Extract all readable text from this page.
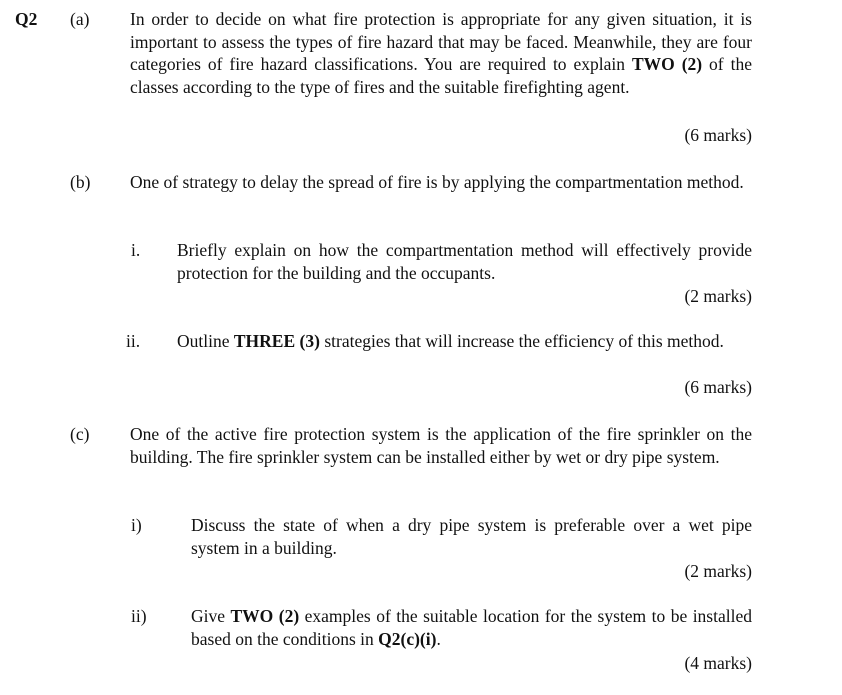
Q2 (a) In order to decide on what fire protection is appropriate for any given situation, it is important to assess the types of fire hazard that may be faced. Meanwhile, they are four categories of fire hazard classifications. You are required to explain TWO (2) of the classes according to the type of fires and the suitable firefighting agent.
(6 marks)
(b) One of strategy to delay the spread of fire is by applying the compartmentation method.
i. Briefly explain on how the compartmentation method will effectively provide protection for the building and the occupants.
(2 marks)
ii. Outline THREE (3) strategies that will increase the efficiency of this method.
(6 marks)
(c) One of the active fire protection system is the application of the fire sprinkler on the building. The fire sprinkler system can be installed either by wet or dry pipe system.
i)	Discuss the state of when a dry pipe system is preferable over a wet pipe system in a building.
(2 marks)
ii)	Give TWO (2) examples of the suitable location for the system to be installed based on the conditions in Q2(c)(i).
(4 marks)
